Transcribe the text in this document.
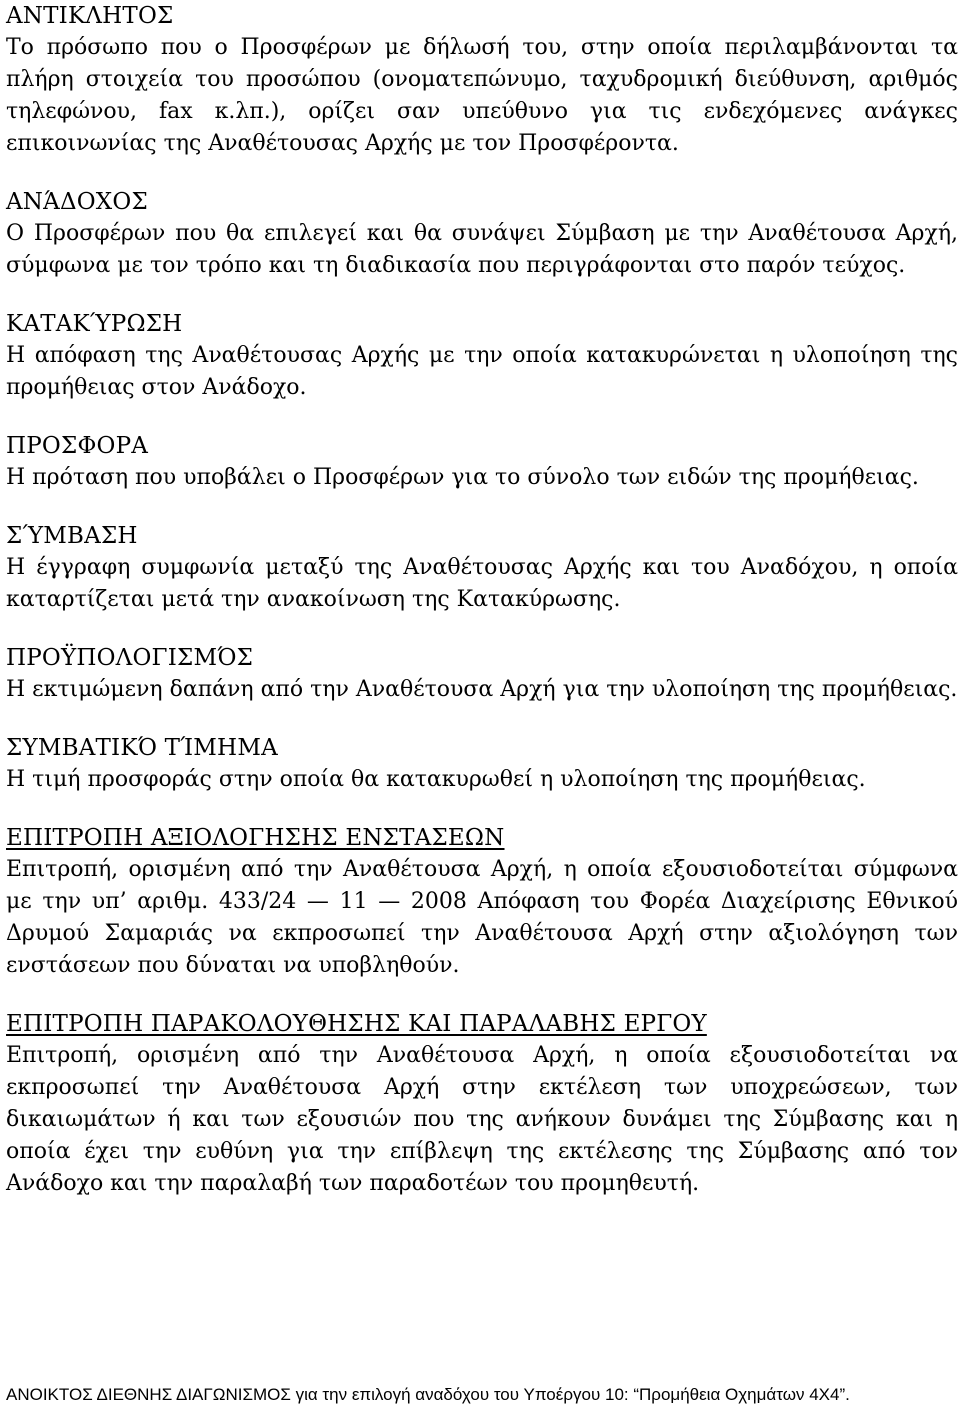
ΑΝΤΙΚΛΗΤΟΣ

Το πρόσωπο που ο Προσφέρων με δήλωσή του, στην οποία περιλαμβάνονται τα πλήρη στοιχεία του προσώπου (ονοματεπώνυμο, ταχυδρομική διεύθυνση, αριθμός τηλεφώνου, fax κ.λπ.), ορίζει σαν υπεύθυνο για τις ενδεχόμενες ανάγκες επικοινωνίας της Αναθέτουσας Αρχής με τον Προσφέροντα.

ΑΝΆΔΟΧΟΣ

Ο Προσφέρων που θα επιλεγεί και θα συνάψει Σύμβαση με την Αναθέτουσα Αρχή, σύμφωνα με τον τρόπο και τη διαδικασία που περιγράφονται στο παρόν τεύχος.

ΚΑΤΑΚΎΡΩΣΗ

Η απόφαση της Αναθέτουσας Αρχής με την οποία κατακυρώνεται η υλοποίηση της προμήθειας στον Ανάδοχο.

ΠΡΟΣΦΟΡΑ

Η πρόταση που υποβάλει ο Προσφέρων για το σύνολο των ειδών της προμήθειας.

ΣΎΜΒΑΣΗ

Η έγγραφη συμφωνία μεταξύ της Αναθέτουσας Αρχής και του Αναδόχου, η οποία καταρτίζεται μετά την ανακοίνωση της Κατακύρωσης.

ΠΡΟΫΠΟΛΟΓΙΣΜΌΣ

Η εκτιμώμενη δαπάνη από την Αναθέτουσα Αρχή για την υλοποίηση της προμήθειας.

ΣΥΜΒΑΤΙΚΌ ΤΊΜΗΜΑ

Η τιμή προσφοράς στην οποία θα κατακυρωθεί η υλοποίηση της προμήθειας.

ΕΠΙΤΡΟΠΗ ΑΞΙΟΛΟΓΗΣΗΣ ΕΝΣΤΑΣΕΩΝ

Επιτροπή, ορισμένη από την Αναθέτουσα Αρχή, η οποία εξουσιοδοτείται σύμφωνα με την υπ’ αριθμ. 433/24 — 11 — 2008 Απόφαση του Φορέα Διαχείρισης Εθνικού Δρυμού Σαμαριάς να εκπροσωπεί την Αναθέτουσα Αρχή στην αξιολόγηση των ενστάσεων που δύναται να υποβληθούν.

ΕΠΙΤΡΟΠΗ ΠΑΡΑΚΟΛΟΥΘΗΣΗΣ ΚΑΙ ΠΑΡΑΛΑΒΗΣ ΕΡΓΟΥ

Επιτροπή, ορισμένη από την Αναθέτουσα Αρχή, η οποία εξουσιοδοτείται να εκπροσωπεί την Αναθέτουσα Αρχή στην εκτέλεση των υποχρεώσεων, των δικαιωμάτων ή και των εξουσιών που της ανήκουν δυνάμει της Σύμβασης και η οποία έχει την ευθύνη για την επίβλεψη της εκτέλεσης της Σύμβασης από τον Ανάδοχο και την παραλαβή των παραδοτέων του προμηθευτή.

ΑΝΟΙΚΤΟΣ ΔΙΕΘΝΗΣ ΔΙΑΓΩΝΙΣΜΟΣ για την επιλογή αναδόχου του Υποέργου 10: “Προμήθεια Οχημάτων 4Χ4”.
